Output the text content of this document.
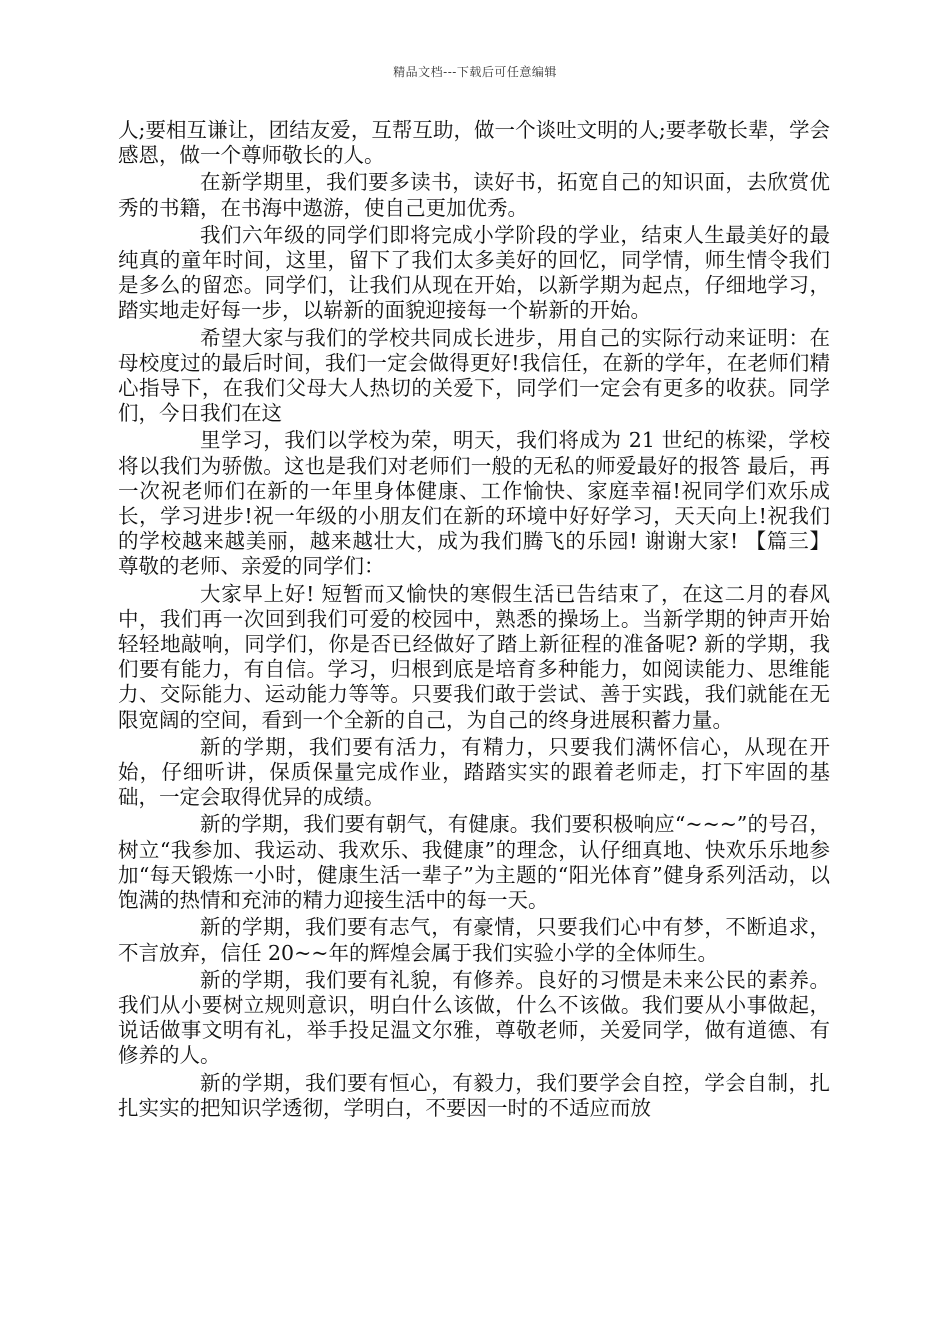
精品文档---下载后可任意编辑

人;要相互谦让，团结友爱，互帮互助，做一个谈吐文明的人;要孝敬长辈，学会感恩，做一个尊师敬长的人。

在新学期里，我们要多读书，读好书，拓宽自己的知识面，去欣赏优秀的书籍，在书海中遨游，使自己更加优秀。

我们六年级的同学们即将完成小学阶段的学业，结束人生最美好的最纯真的童年时间，这里，留下了我们太多美好的回忆，同学情，师生情令我们是多么的留恋。同学们，让我们从现在开始，以新学期为起点，仔细地学习，踏实地走好每一步，以崭新的面貌迎接每一个崭新的开始。

希望大家与我们的学校共同成长进步，用自己的实际行动来证明：在母校度过的最后时间，我们一定会做得更好!我信任，在新的学年，在老师们精心指导下，在我们父母大人热切的关爱下，同学们一定会有更多的收获。同学们，今日我们在这

里学习，我们以学校为荣，明天，我们将成为 21 世纪的栋梁，学校将以我们为骄傲。这也是我们对老师们一般的无私的师爱最好的报答 最后，再一次祝老师们在新的一年里身体健康、工作愉快、家庭幸福!祝同学们欢乐成长，学习进步!祝一年级的小朋友们在新的环境中好好学习，天天向上!祝我们的学校越来越美丽，越来越壮大，成为我们腾飞的乐园! 谢谢大家! 【篇三】 尊敬的老师、亲爱的同学们：

大家早上好! 短暂而又愉快的寒假生活已告结束了，在这二月的春风中，我们再一次回到我们可爱的校园中，熟悉的操场上。当新学期的钟声开始轻轻地敲响，同学们，你是否已经做好了踏上新征程的准备呢? 新的学期，我们要有能力，有自信。学习，归根到底是培育多种能力，如阅读能力、思维能力、交际能力、运动能力等等。只要我们敢于尝试、善于实践，我们就能在无限宽阔的空间，看到一个全新的自己，为自己的终身进展积蓄力量。

新的学期，我们要有活力，有精力，只要我们满怀信心，从现在开始，仔细听讲，保质保量完成作业，踏踏实实的跟着老师走，打下牢固的基础，一定会取得优异的成绩。

新的学期，我们要有朝气，有健康。我们要积极响应“~~~”的号召，树立“我参加、我运动、我欢乐、我健康”的理念，认仔细真地、快欢乐乐地参加“每天锻炼一小时，健康生活一辈子”为主题的“阳光体育”健身系列活动，以饱满的热情和充沛的精力迎接生活中的每一天。

新的学期，我们要有志气，有豪情，只要我们心中有梦，不断追求，不言放弃，信任 20~~年的辉煌会属于我们实验小学的全体师生。

新的学期，我们要有礼貌，有修养。良好的习惯是未来公民的素养。我们从小要树立规则意识，明白什么该做，什么不该做。我们要从小事做起，说话做事文明有礼，举手投足温文尔雅，尊敬老师，关爱同学，做有道德、有修养的人。

新的学期，我们要有恒心，有毅力，我们要学会自控，学会自制，扎扎实实的把知识学透彻，学明白，不要因一时的不适应而放
